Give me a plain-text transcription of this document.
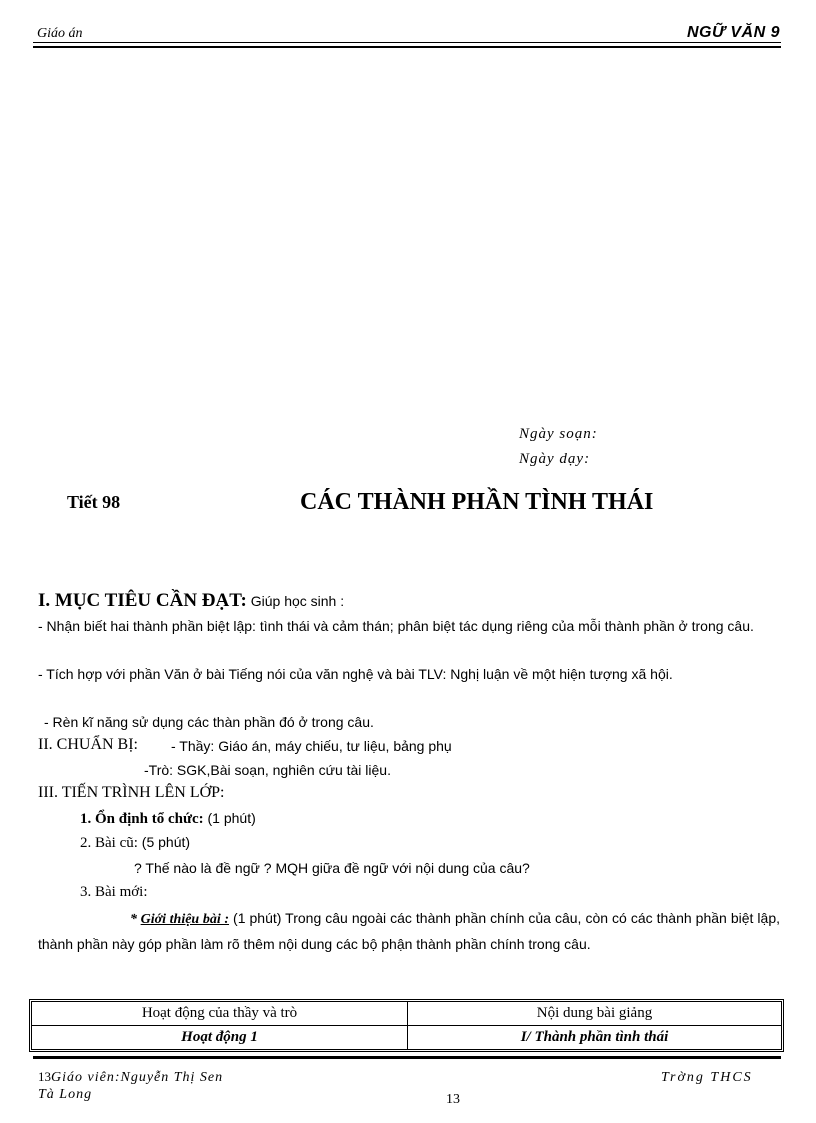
Giáo án	NGỮ VĂN 9
Ngày soạn:
Ngày dạy:
Tiết 98	CÁC THÀNH PHẦN TÌNH THÁI
I. MỤC TIÊU CẦN ĐẠT: Giúp học sinh :
- Nhận biết hai thành phần biệt lập: tình thái và cảm thán; phân biệt tác dụng riêng của mỗi thành phần ở trong câu.
- Tích hợp với phần Văn ở bài Tiếng nói của văn nghệ và bài TLV: Nghị luận về một hiện tượng xã hội.
- Rèn kĩ năng sử dụng các thàn phần đó ở trong câu.
II. CHUẨN BỊ: - Thầy: Giáo án, máy chiếu, tư liệu, bảng phụ
-Trò: SGK,Bài soạn, nghiên cứu tài liệu.
III. TIẾN TRÌNH LÊN LỚP:
1. Ổn định tổ chức: (1 phút)
2. Bài cũ: (5 phút)
? Thế nào là đề ngữ ? MQH giữa đề ngữ với nội dung của câu?
3. Bài mới:
* Giới thiệu bài : (1 phút) Trong câu ngoài các thành phần chính của câu, còn có các thành phần biệt lập, thành phần này góp phần làm rõ thêm nội dung các bộ phận thành phần chính trong câu.
Hoạt động của thầy và trò	Nội dung bài giảng
Hoạt động 1	I/ Thành phần tình thái
13Giáo viên:Nguyễn Thị Sen
Tà Long
Trờng THCS
13
